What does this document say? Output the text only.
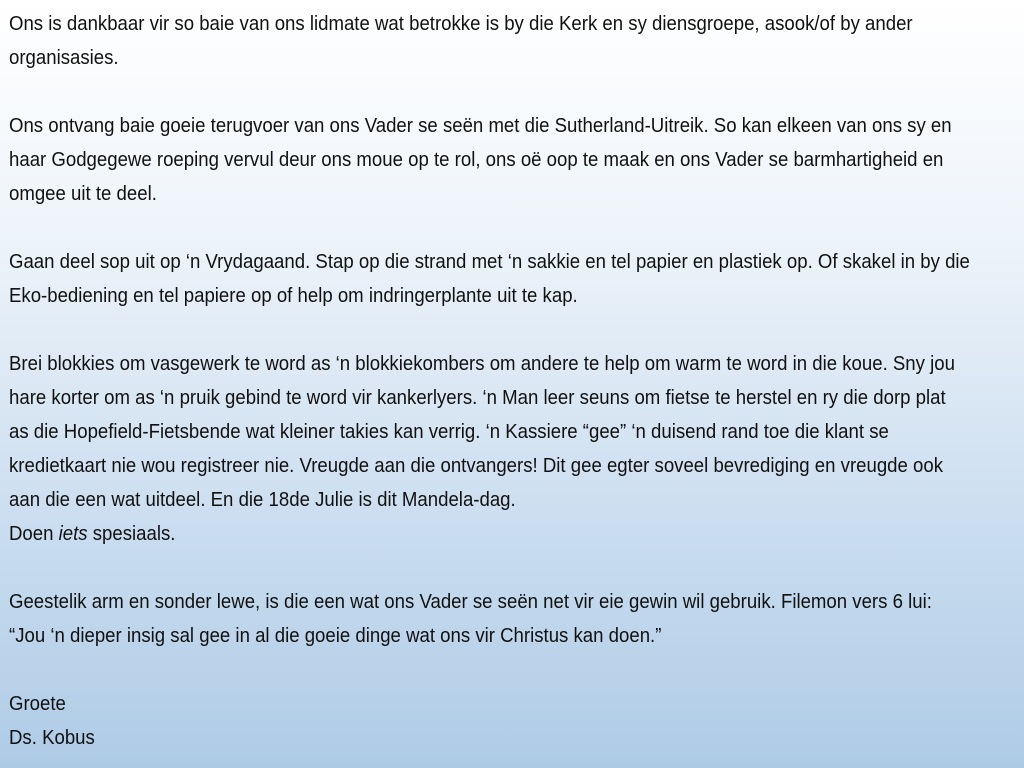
Ons is dankbaar vir so baie van ons lidmate wat betrokke is by die Kerk en sy diensgroepe, asook/of by ander
organisasies.
Ons ontvang baie goeie terugvoer van ons Vader se seën met die Sutherland-Uitreik. So kan elkeen van ons sy en
haar Godgegewe roeping vervul deur ons moue op te rol, ons oë oop te maak en ons Vader se barmhartigheid en
omgee uit te deel.
Gaan deel sop uit op ‘n Vrydagaand. Stap op die strand met ‘n sakkie en tel papier en plastiek op. Of skakel in by die
Eko-bediening en tel papiere op of help om indringerplante uit te kap.
Brei blokkies om vasgewerk te word as ‘n blokkiekombers om andere te help om warm te word in die koue. Sny jou
hare korter om as ‘n pruik gebind te word vir kankerlyers. ‘n Man leer seuns om fietse te herstel en ry die dorp plat
as die Hopefield-Fietsbende wat kleiner takies kan verrig. ‘n Kassiere “gee” ‘n duisend rand toe die klant se
kredietkaart nie wou registreer nie. Vreugde aan die ontvangers! Dit gee egter soveel bevrediging en vreugde ook
aan die een wat uitdeel. En die 18de Julie is dit Mandela-dag.
Doen iets spesiaals.
Geestelik arm en sonder lewe, is die een wat ons Vader se seën net vir eie gewin wil gebruik. Filemon vers 6 lui:
“Jou ‘n dieper insig sal gee in al die goeie dinge wat ons vir Christus kan doen.”
Groete
Ds. Kobus
